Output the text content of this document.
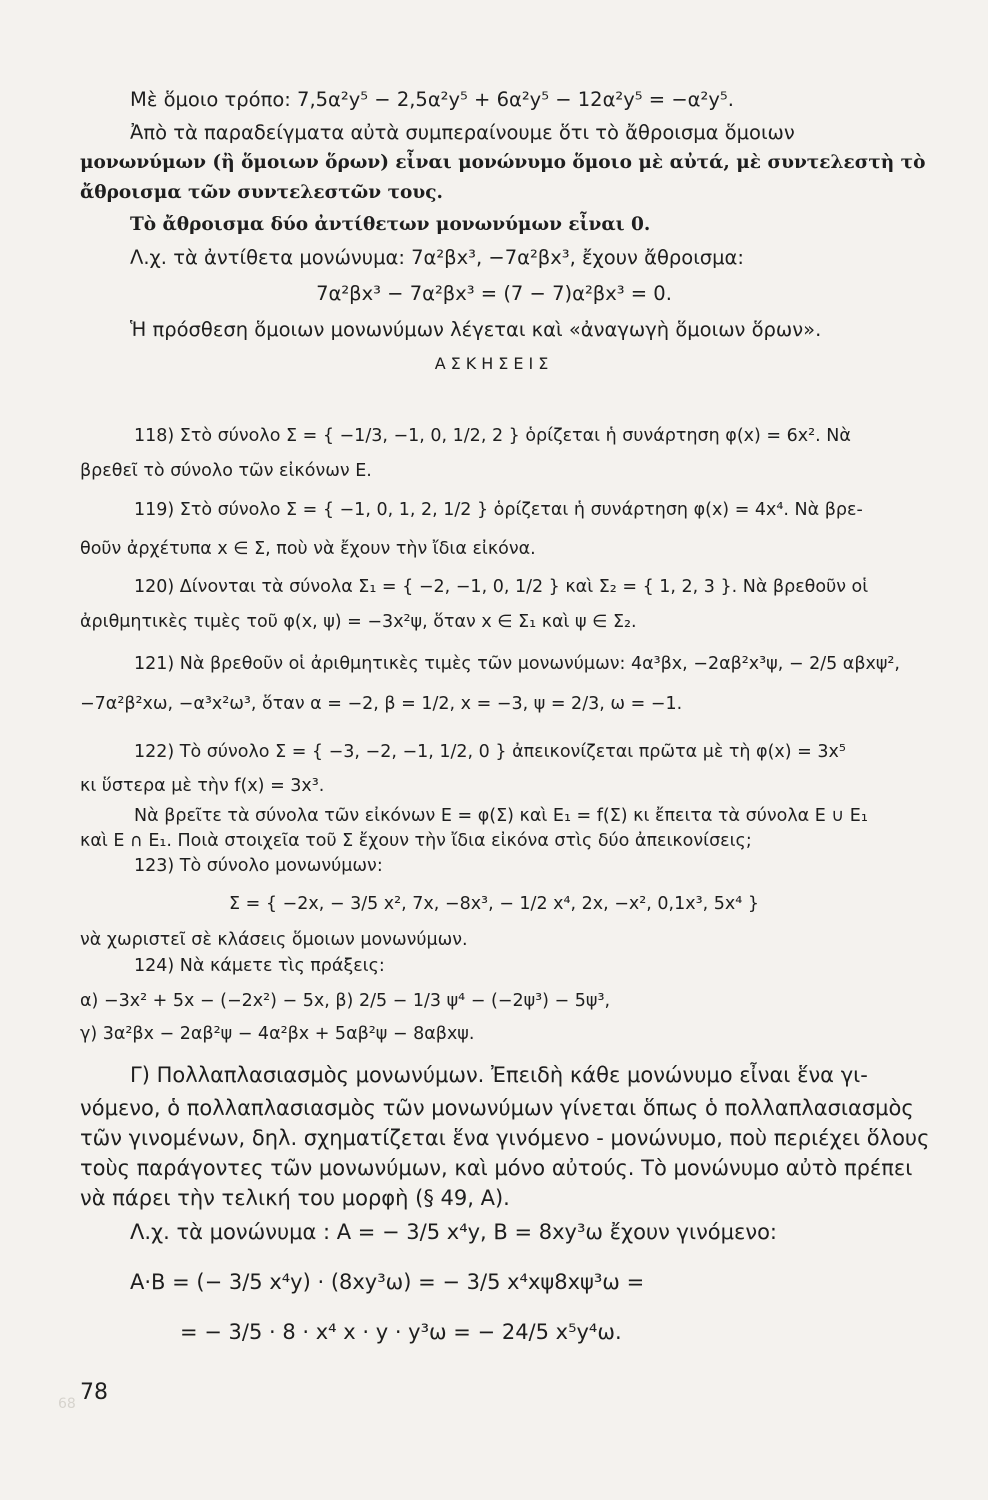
68
Μὲ ὅμοιο τρόπο: 7,5α²y⁵ − 2,5α²y⁵ + 6α²y⁵ − 12α²y⁵ = −α²y⁵.
Ἀπὸ τὰ παραδείγματα αὐτὰ συμπεραίνουμε ὅτι τὸ ἄθροισμα ὅμοιων
μονωνύμων (ἢ ὅμοιων ὅρων) εἶναι μονώνυμο ὅμοιο μὲ αὐτά, μὲ συντελεστὴ τὸ
ἄθροισμα τῶν συντελεστῶν τους.
Τὸ ἄθροισμα δύο ἀντίθετων μονωνύμων εἶναι 0.
Λ.χ. τὰ ἀντίθετα μονώνυμα: 7α²βx³, −7α²βx³, ἔχουν ἄθροισμα:
7α²βx³ − 7α²βx³ = (7 − 7)α²βx³ = 0.
Ἡ πρόσθεση ὅμοιων μονωνύμων λέγεται καὶ «ἀναγωγὴ ὅμοιων ὅρων».
ΑΣΚΗΣΕΙΣ
118) Στὸ σύνολο Σ = { −1/3, −1, 0, 1/2, 2 } ὁρίζεται ἡ συνάρτηση φ(x) = 6x². Νὰ
βρεθεῖ τὸ σύνολο τῶν εἰκόνων Ε.
119) Στὸ σύνολο Σ = { −1, 0, 1, 2, 1/2 } ὁρίζεται ἡ συνάρτηση φ(x) = 4x⁴. Νὰ βρε-
θοῦν ἀρχέτυπα x ∈ Σ, ποὺ νὰ ἔχουν τὴν ἴδια εἰκόνα.
120) Δίνονται τὰ σύνολα Σ₁ = { −2, −1, 0, 1/2 } καὶ Σ₂ = { 1, 2, 3 }. Νὰ βρεθοῦν οἱ
ἀριθμητικὲς τιμὲς τοῦ φ(x, ψ) = −3x²ψ, ὅταν x ∈ Σ₁ καὶ ψ ∈ Σ₂.
121) Νὰ βρεθοῦν οἱ ἀριθμητικὲς τιμὲς τῶν μονωνύμων: 4α³βx, −2αβ²x³ψ, − 2/5 αβxψ²,
−7α²β²xω, −α³x²ω³, ὅταν α = −2, β = 1/2, x = −3, ψ = 2/3, ω = −1.
122) Τὸ σύνολο Σ = { −3, −2, −1, 1/2, 0 } ἀπεικονίζεται πρῶτα μὲ τὴ φ(x) = 3x⁵
κι ὕστερα μὲ τὴν f(x) = 3x³.
Νὰ βρεῖτε τὰ σύνολα τῶν εἰκόνων Ε = φ(Σ) καὶ Ε₁ = f(Σ) κι ἔπειτα τὰ σύνολα Ε ∪ Ε₁
καὶ Ε ∩ Ε₁. Ποιὰ στοιχεῖα τοῦ Σ ἔχουν τὴν ἴδια εἰκόνα στὶς δύο ἀπεικονίσεις;
123) Τὸ σύνολο μονωνύμων:
Σ = { −2x, − 3/5 x², 7x, −8x³, − 1/2 x⁴, 2x, −x², 0,1x³, 5x⁴ }
νὰ χωριστεῖ σὲ κλάσεις ὅμοιων μονωνύμων.
124) Νὰ κάμετε τὶς πράξεις:
α) −3x² + 5x − (−2x²) − 5x, β) 2/5 − 1/3 ψ⁴ − (−2ψ³) − 5ψ³,
γ) 3α²βx − 2αβ²ψ − 4α²βx + 5αβ²ψ − 8αβxψ.
Γ) Πολλαπλασιασμὸς μονωνύμων. Ἐπειδὴ κάθε μονώνυμο εἶναι ἕνα γι-
νόμενο, ὁ πολλαπλασιασμὸς τῶν μονωνύμων γίνεται ὅπως ὁ πολλαπλασιασμὸς
τῶν γινομένων, δηλ. σχηματίζεται ἕνα γινόμενο - μονώνυμο, ποὺ περιέχει ὅλους
τοὺς παράγοντες τῶν μονωνύμων, καὶ μόνο αὐτούς. Τὸ μονώνυμο αὐτὸ πρέπει
νὰ πάρει τὴν τελική του μορφὴ (§ 49, Α).
Λ.χ. τὰ μονώνυμα : Α = − 3/5 x⁴y, Β = 8xy³ω ἔχουν γινόμενο:
Α·Β = (− 3/5 x⁴y) · (8xy³ω) = − 3/5 x⁴xψ8xψ³ω =
= − 3/5 · 8 · x⁴ x · y · y³ω = − 24/5 x⁵y⁴ω.
78
